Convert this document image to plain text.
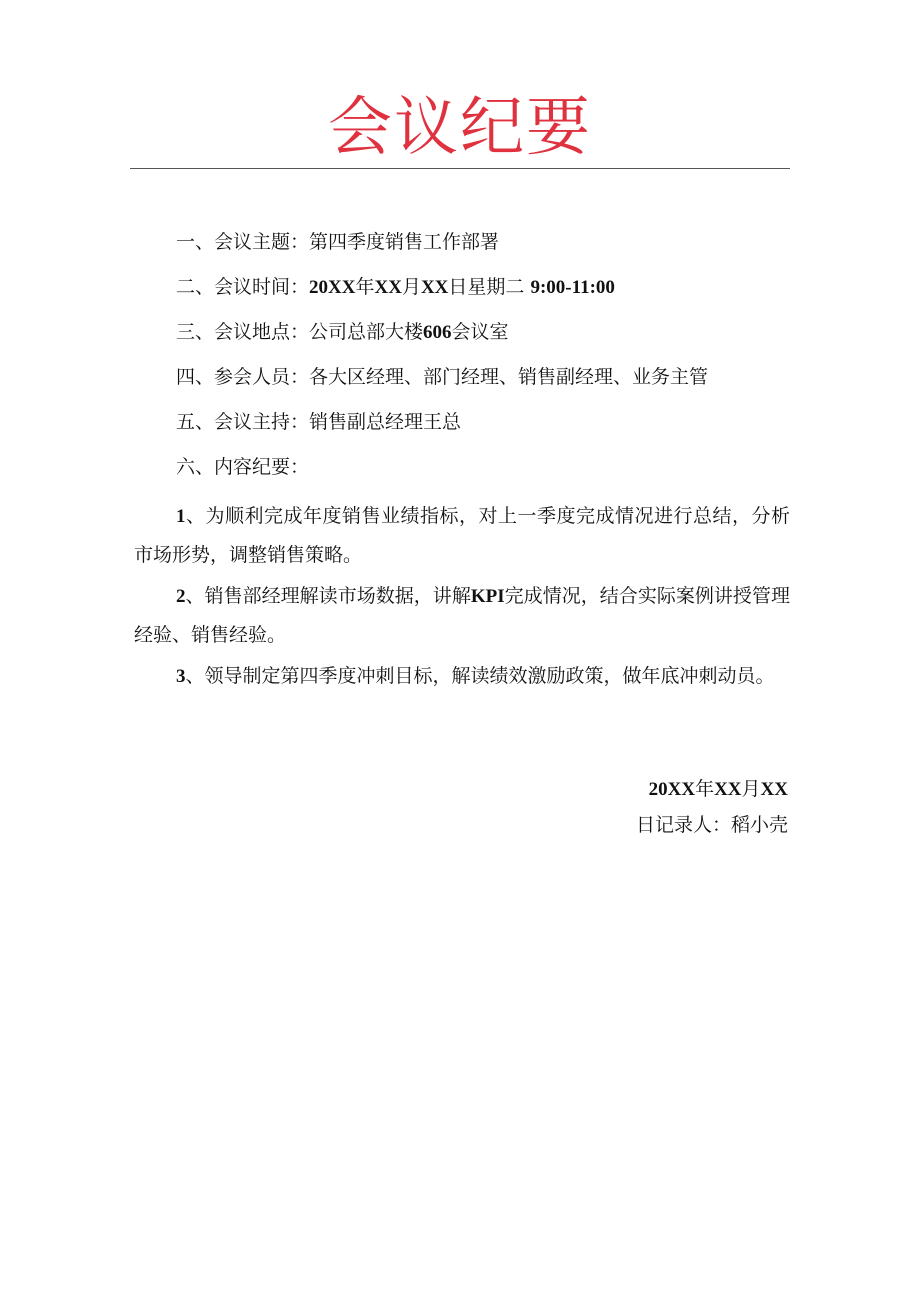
会议纪要
一、会议主题：第四季度销售工作部署
二、会议时间：20XX年XX月XX日星期二 9:00-11:00
三、会议地点：公司总部大楼606会议室
四、参会人员：各大区经理、部门经理、销售副经理、业务主管
五、会议主持：销售副总经理王总
六、内容纪要：
1、为顺利完成年度销售业绩指标，对上一季度完成情况进行总结，分析市场形势，调整销售策略。
2、销售部经理解读市场数据，讲解KPI完成情况，结合实际案例讲授管理经验、销售经验。
3、领导制定第四季度冲刺目标，解读绩效激励政策，做年底冲刺动员。
20XX年XX月XX
日记录人：稻小壳
